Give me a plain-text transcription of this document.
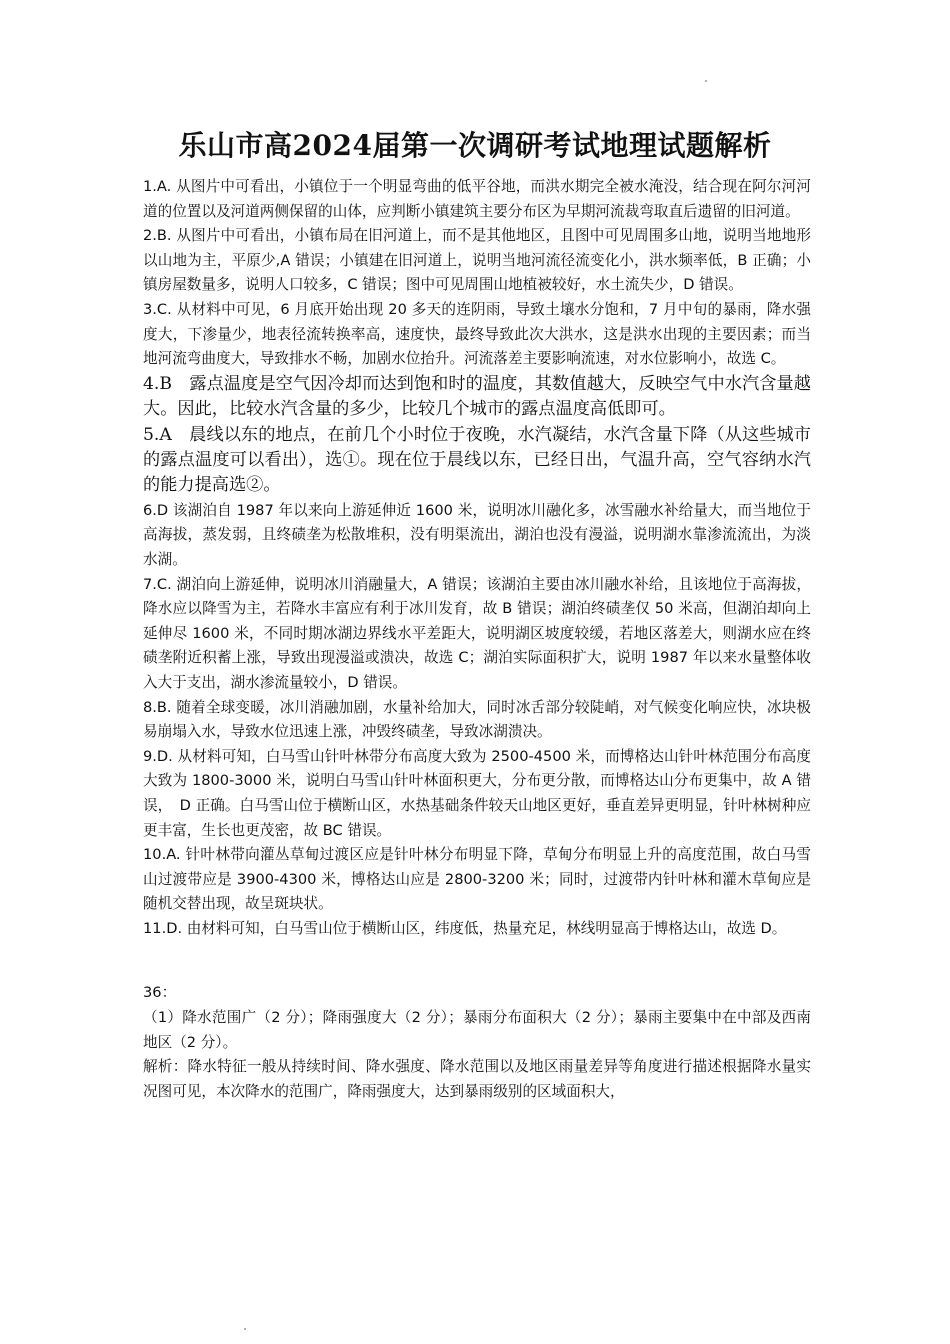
乐山市高2024届第一次调研考试地理试题解析

1.A. 从图片中可看出，小镇位于一个明显弯曲的低平谷地，而洪水期完全被水淹没，结合现在阿尔河河道的位置以及河道两侧保留的山体，应判断小镇建筑主要分布区为早期河流裁弯取直后遗留的旧河道。

2.B. 从图片中可看出，小镇布局在旧河道上，而不是其他地区，且图中可见周围多山地，说明当地地形以山地为主，平原少,A 错误；小镇建在旧河道上，说明当地河流径流变化小，洪水频率低，B 正确；小镇房屋数量多，说明人口较多，C 错误；图中可见周围山地植被较好，水土流失少，D 错误。

3.C. 从材料中可见，6 月底开始出现 20 多天的连阴雨，导致土壤水分饱和，7 月中旬的暴雨，降水强度大，下渗量少，地表径流转换率高，速度快，最终导致此次大洪水，这是洪水出现的主要因素；而当地河流弯曲度大，导致排水不畅，加剧水位抬升。河流落差主要影响流速，对水位影响小，故选 C。

4.B　露点温度是空气因冷却而达到饱和时的温度，其数值越大，反映空气中水汽含量越大。因此，比较水汽含量的多少，比较几个城市的露点温度高低即可。

5.A　晨线以东的地点，在前几个小时位于夜晚，水汽凝结，水汽含量下降（从这些城市的露点温度可以看出），选①。现在位于晨线以东，已经日出，气温升高，空气容纳水汽的能力提高选②。

6.D 该湖泊自 1987 年以来向上游延伸近 1600 米，说明冰川融化多，冰雪融水补给量大，而当地位于高海拔，蒸发弱，且终碛垄为松散堆积，没有明渠流出，湖泊也没有漫溢，说明湖水靠渗流流出，为淡水湖。

7.C. 湖泊向上游延伸，说明冰川消融量大，A 错误；该湖泊主要由冰川融水补给，且该地位于高海拔，降水应以降雪为主，若降水丰富应有利于冰川发育，故 B 错误；湖泊终碛垄仅 50 米高，但湖泊却向上延伸尽 1600 米，不同时期冰湖边界线水平差距大，说明湖区坡度较缓，若地区落差大，则湖水应在终碛垄附近积蓄上涨，导致出现漫溢或溃决，故选 C；湖泊实际面积扩大，说明 1987 年以来水量整体收入大于支出，湖水渗流量较小，D 错误。

8.B. 随着全球变暖，冰川消融加剧，水量补给加大，同时冰舌部分较陡峭，对气候变化响应快，冰块极易崩塌入水，导致水位迅速上涨，冲毁终碛垄，导致冰湖溃决。

9.D. 从材料可知，白马雪山针叶林带分布高度大致为 2500-4500 米，而博格达山针叶林范围分布高度大致为 1800-3000 米，说明白马雪山针叶林面积更大，分布更分散，而博格达山分布更集中，故 A 错误，　D 正确。白马雪山位于横断山区，水热基础条件较天山地区更好，垂直差异更明显，针叶林树种应更丰富，生长也更茂密，故 BC 错误。

10.A. 针叶林带向灌丛草甸过渡区应是针叶林分布明显下降，草甸分布明显上升的高度范围，故白马雪山过渡带应是 3900-4300 米，博格达山应是 2800-3200 米；同时，过渡带内针叶林和灌木草甸应是随机交替出现，故呈斑块状。

11.D. 由材料可知，白马雪山位于横断山区，纬度低，热量充足，林线明显高于博格达山，故选 D。

36：

（1）降水范围广（2 分）；降雨强度大（2 分）；暴雨分布面积大（2 分）；暴雨主要集中在中部及西南地区（2 分）。

解析：降水特征一般从持续时间、降水强度、降水范围以及地区雨量差异等角度进行描述根据降水量实况图可见，本次降水的范围广，降雨强度大，达到暴雨级别的区域面积大，
